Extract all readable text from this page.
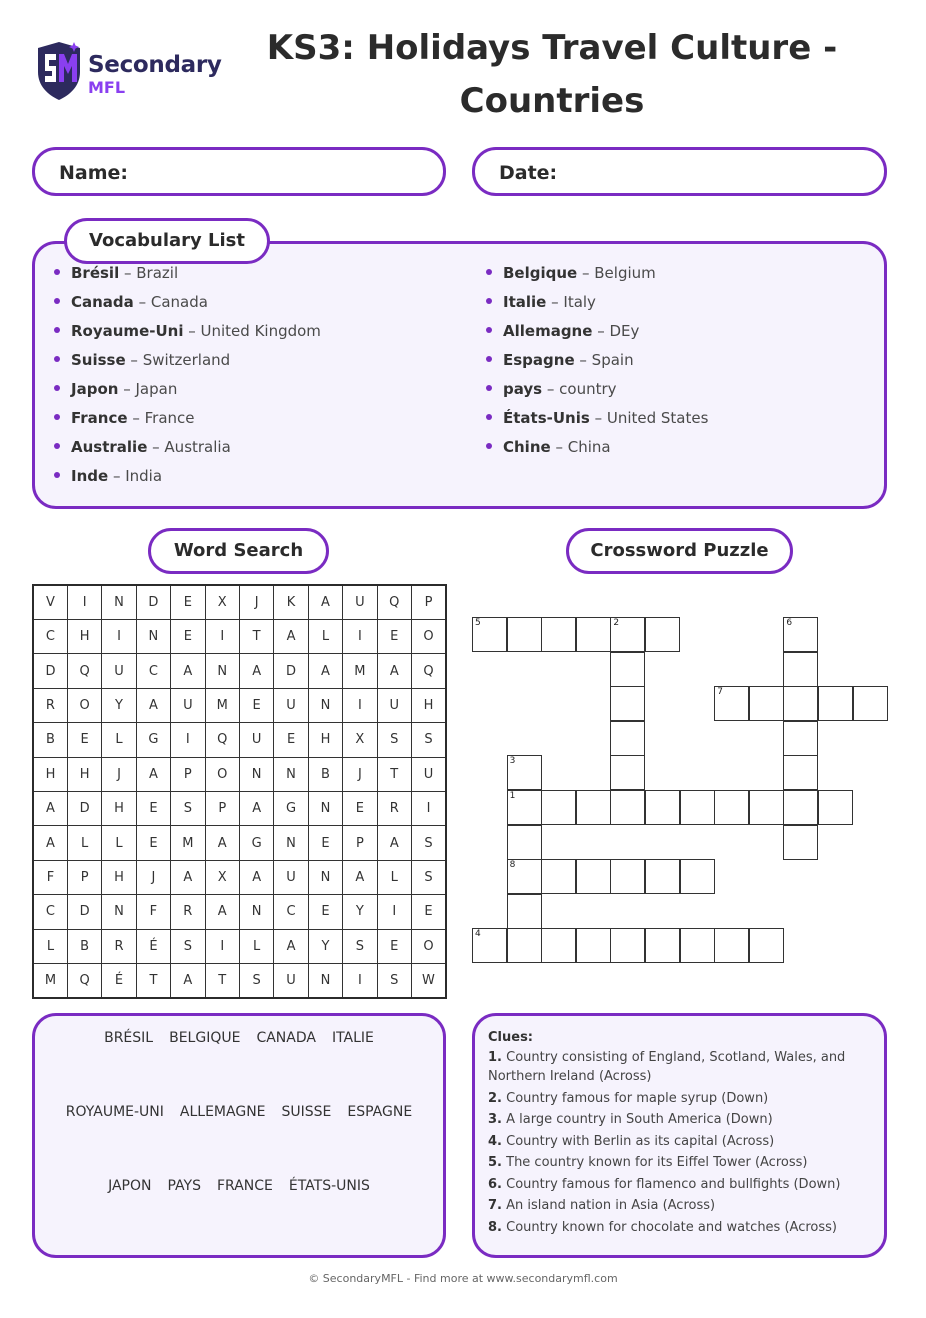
Secondary
MFL
KS3: Holidays Travel Culture - Countries
Name:	Date:
Vocabulary List
Brésil – Brazil
Canada – Canada
Royaume-Uni – United Kingdom
Suisse – Switzerland
Japon – Japan
France – France
Australie – Australia
Inde – India
Belgique – Belgium
Italie – Italy
Allemagne – DEy
Espagne – Spain
pays – country
États-Unis – United States
Chine – China
Word Search	Crossword Puzzle
V	I	N	D	E	X	J	K	A	U	Q	P
C	H	I	N	E	I	T	A	L	I	E	O
D	Q	U	C	A	N	A	D	A	M	A	Q
R	O	Y	A	U	M	E	U	N	I	U	H
B	E	L	G	I	Q	U	E	H	X	S	S
H	H	J	A	P	O	N	N	B	J	T	U
A	D	H	E	S	P	A	G	N	E	R	I
A	L	L	E	M	A	G	N	E	P	A	S
F	P	H	J	A	X	A	U	N	A	L	S
C	D	N	F	R	A	N	C	E	Y	I	E
L	B	R	É	S	I	L	A	Y	S	E	O
M	Q	É	T	A	T	S	U	N	I	S	W
5	2	6
7
3
1
8
4
BRÉSIL BELGIQUE CANADA ITALIE
ROYAUME-UNI ALLEMAGNE SUISSE ESPAGNE
JAPON PAYS FRANCE ÉTATS-UNIS
Clues:
1. Country consisting of England, Scotland, Wales, and Northern Ireland (Across)
2. Country famous for maple syrup (Down)
3. A large country in South America (Down)
4. Country with Berlin as its capital (Across)
5. The country known for its Eiffel Tower (Across)
6. Country famous for flamenco and bullfights (Down)
7. An island nation in Asia (Across)
8. Country known for chocolate and watches (Across)
© SecondaryMFL - Find more at www.secondarymfl.com
